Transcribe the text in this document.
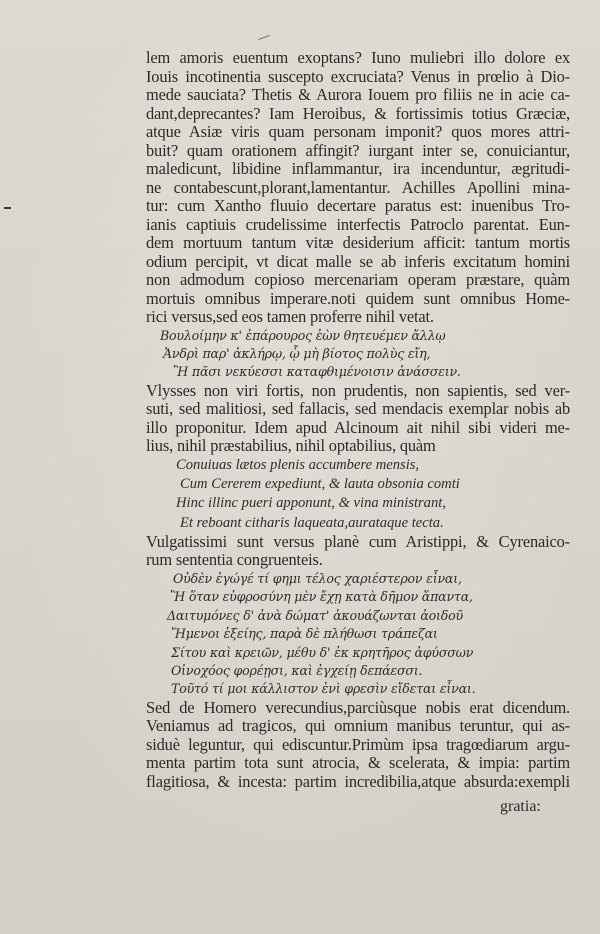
lem amoris euentum exoptans? Iuno muliebri illo dolore ex
Iouis incotinentia suscepto excruciata? Venus in prœlio à Dio-
mede sauciata? Thetis & Aurora Iouem pro filiis ne in acie ca-
dant,deprecantes? Iam Heroibus, & fortissimis totius Græciæ,
atque Asiæ viris quam personam imponit? quos mores attri-
buit? quam orationem affingit? iurgant inter se, conuiciantur,
maledicunt, libidine inflammantur, ira incenduntur, ægritudi-
ne contabescunt,plorant,lamentantur. Achilles Apollini mina-
tur: cum Xantho fluuio decertare paratus est: inuenibus Tro-
ianis captiuis crudelissime interfectis Patroclo parentat. Eun-
dem mortuum tantum vitæ desiderium afficit: tantum mortis
odium percipit, vt dicat malle se ab inferis excitatum homini
non admodum copioso mercenariam operam præstare, quàm
mortuis omnibus imperare.noti quidem sunt omnibus Home-
rici versus,sed eos tamen proferre nihil vetat.
Βουλοίμην κ' ἐπάρουρος ἐὼν θητευέμεν ἄλλῳ
Ἀνδρὶ παρ' ἀκλήρῳ, ᾧ μὴ βίοτος πολὺς εἴη,
Ἢ πᾶσι νεκύεσσι καταφθιμένοισιν ἀνάσσειν.
Vlysses non viri fortis, non prudentis, non sapientis, sed ver-
suti, sed malitiosi, sed fallacis, sed mendacis exemplar nobis ab
illo proponitur. Idem apud Alcinoum ait nihil sibi videri me-
lius, nihil præstabilius, nihil optabilius, quàm
Conuiuas lætos plenis accumbere mensis,
Cum Cererem expediunt, & lauta obsonia comti
Hinc illinc pueri apponunt, & vina ministrant,
Et reboant citharis laqueata,aurataque tecta.
Vulgatissimi sunt versus planè cum Aristippi, & Cyrenaico-
rum sententia congruenteis.
Οὐδὲν ἐγώγέ τί φημι τέλος χαριέστερον εἶναι,
Ἢ ὅταν εὐφροσύνη μὲν ἔχῃ κατὰ δῆμον ἅπαντα,
Δαιτυμόνες δ' ἀνὰ δώματ' ἀκουάζωνται ἀοιδοῦ
Ἥμενοι ἑξείης, παρὰ δὲ πλήθωσι τράπεζαι
Σίτου καὶ κρειῶν, μέθυ δ' ἐκ κρητῆρος ἀφύσσων
Οἰνοχόος φορέῃσι, καὶ ἐγχείῃ δεπάεσσι.
Τοῦτό τί μοι κάλλιστον ἐνὶ φρεσὶν εἴδεται εἶναι.
Sed de Homero verecundius,parciùsque nobis erat dicendum.
Veniamus ad tragicos, qui omnium manibus teruntur, qui as-
siduè leguntur, qui ediscuntur.Primùm ipsa tragœdiarum argu-
menta partim tota sunt atrocia, & scelerata, & impia: partim
flagitiosa, & incesta: partim incredibilia,atque absurda:exempli
gratia:
